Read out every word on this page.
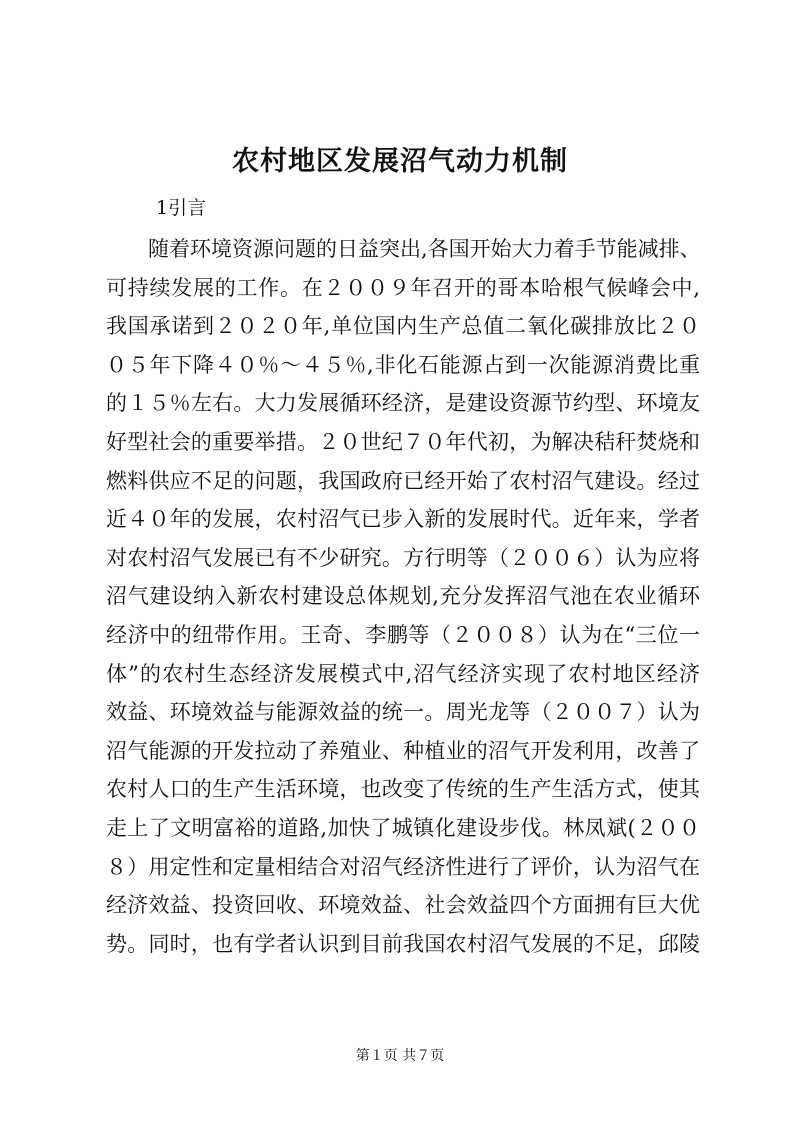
农村地区发展沼气动力机制
1引言
随着环境资源问题的日益突出,各国开始大力着手节能减排、
可持续发展的工作。在２００９年召开的哥本哈根气候峰会中,
我国承诺到２０２０年,单位国内生产总值二氧化碳排放比２０
０５年下降４０％～４５％,非化石能源占到一次能源消费比重
的１５％左右。大力发展循环经济，是建设资源节约型、环境友
好型社会的重要举措。２０世纪７０年代初，为解决秸秆焚烧和
燃料供应不足的问题，我国政府已经开始了农村沼气建设。经过
近４０年的发展，农村沼气已步入新的发展时代。近年来，学者
对农村沼气发展已有不少研究。方行明等（２００６）认为应将
沼气建设纳入新农村建设总体规划,充分发挥沼气池在农业循环
经济中的纽带作用。王奇、李鹏等（２００８）认为在“三位一
体”的农村生态经济发展模式中,沼气经济实现了农村地区经济
效益、环境效益与能源效益的统一。周光龙等（２００７）认为
沼气能源的开发拉动了养殖业、种植业的沼气开发利用，改善了
农村人口的生产生活环境，也改变了传统的生产生活方式，使其
走上了文明富裕的道路,加快了城镇化建设步伐。林凤斌(２００
８）用定性和定量相结合对沼气经济性进行了评价，认为沼气在
经济效益、投资回收、环境效益、社会效益四个方面拥有巨大优
势。同时，也有学者认识到目前我国农村沼气发展的不足，邱陵
第１页 共７页
